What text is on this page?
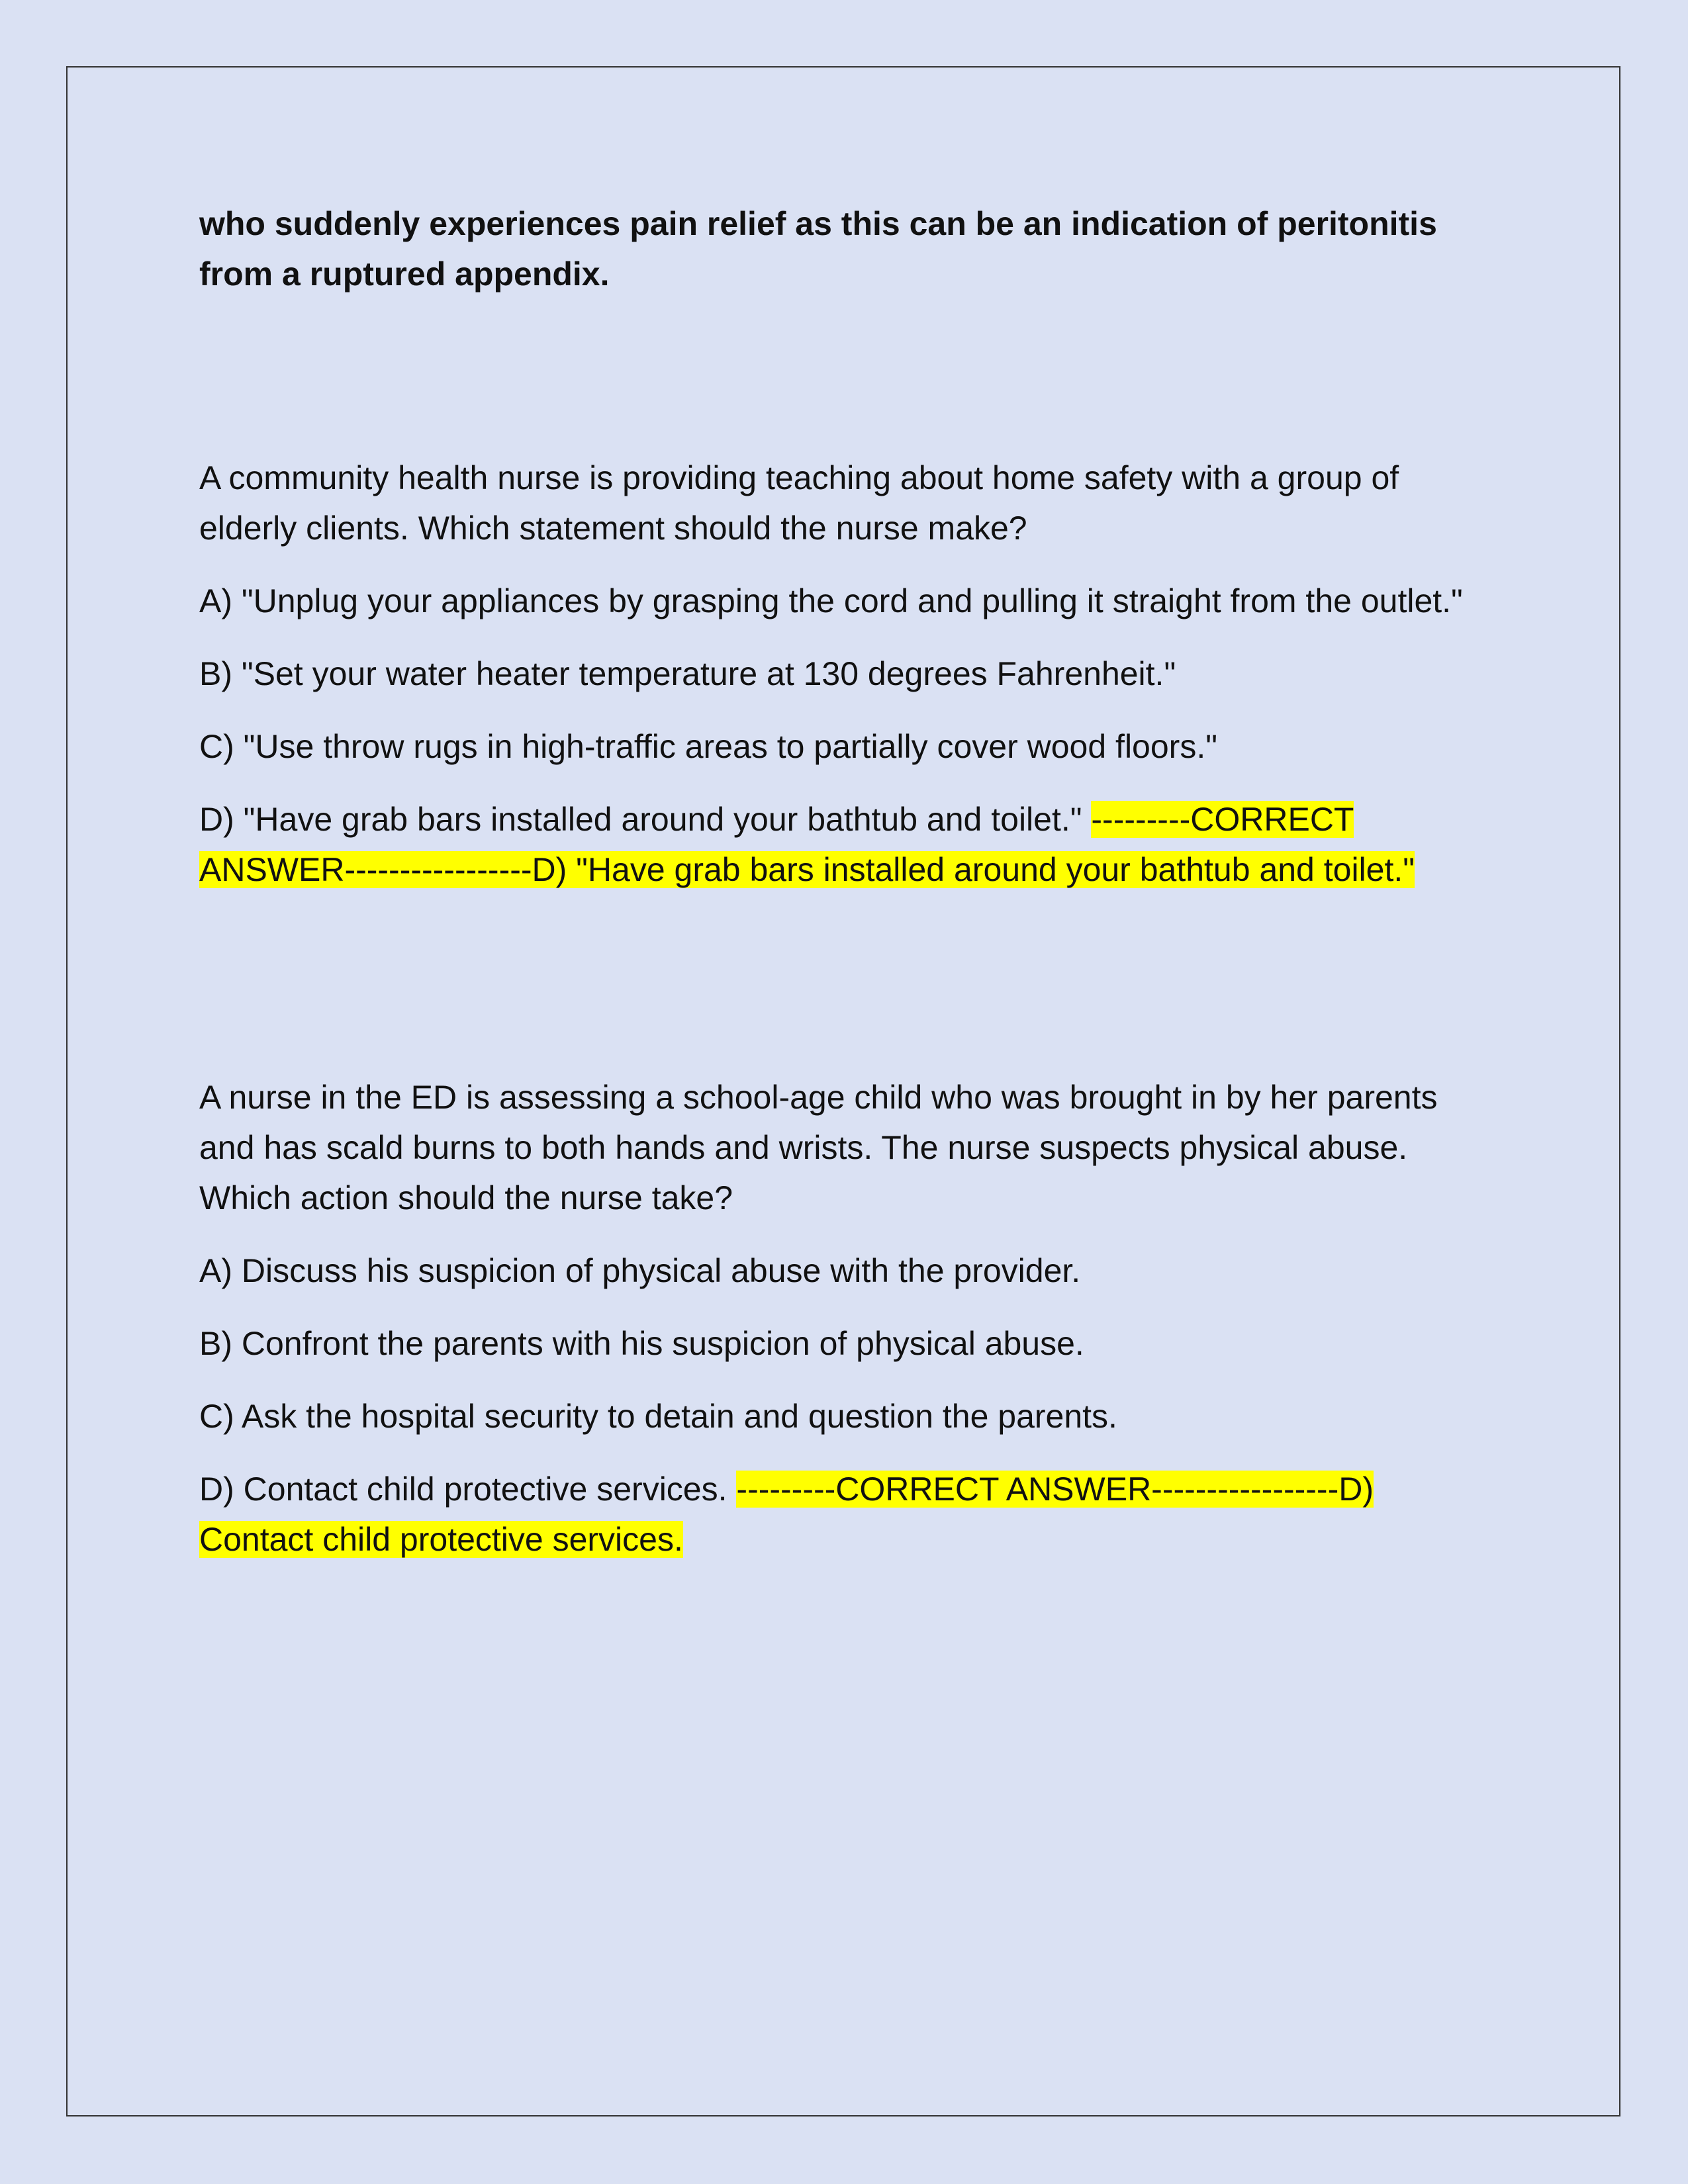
who suddenly experiences pain relief as this can be an indication of peritonitis from a ruptured appendix.

A community health nurse is providing teaching about home safety with a group of elderly clients. Which statement should the nurse make?

A) "Unplug your appliances by grasping the cord and pulling it straight from the outlet."

B) "Set your water heater temperature at 130 degrees Fahrenheit."

C) "Use throw rugs in high-traffic areas to partially cover wood floors."

D) "Have grab bars installed around your bathtub and toilet." ---------CORRECT ANSWER-----------------D) "Have grab bars installed around your bathtub and toilet."

A nurse in the ED is assessing a school-age child who was brought in by her parents and has scald burns to both hands and wrists. The nurse suspects physical abuse. Which action should the nurse take?

A) Discuss his suspicion of physical abuse with the provider.

B) Confront the parents with his suspicion of physical abuse.

C) Ask the hospital security to detain and question the parents.

D) Contact child protective services. ---------CORRECT ANSWER-----------------D) Contact child protective services.
